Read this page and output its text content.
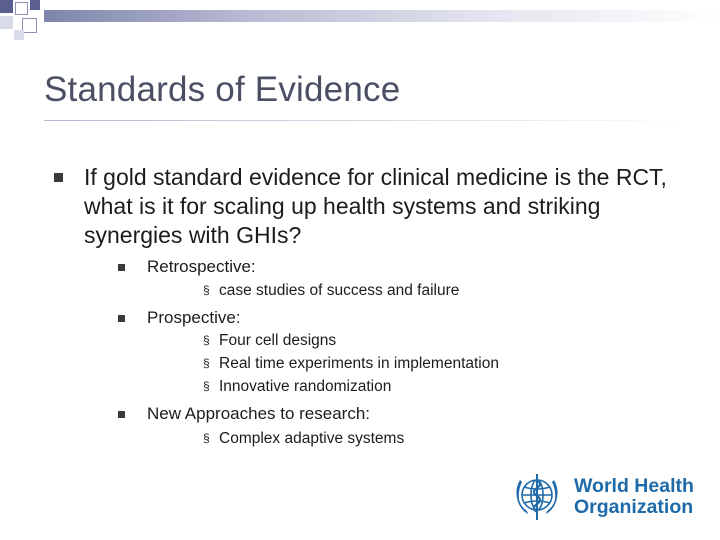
Standards of Evidence
If gold standard evidence for clinical medicine is the RCT, what is it for scaling up health systems and striking synergies with GHIs?
Retrospective:
§ case studies of success and failure
Prospective:
§ Four cell designs
§ Real time experiments in implementation
§ Innovative randomization
New Approaches to research:
§ Complex adaptive systems
World Health
Organization
